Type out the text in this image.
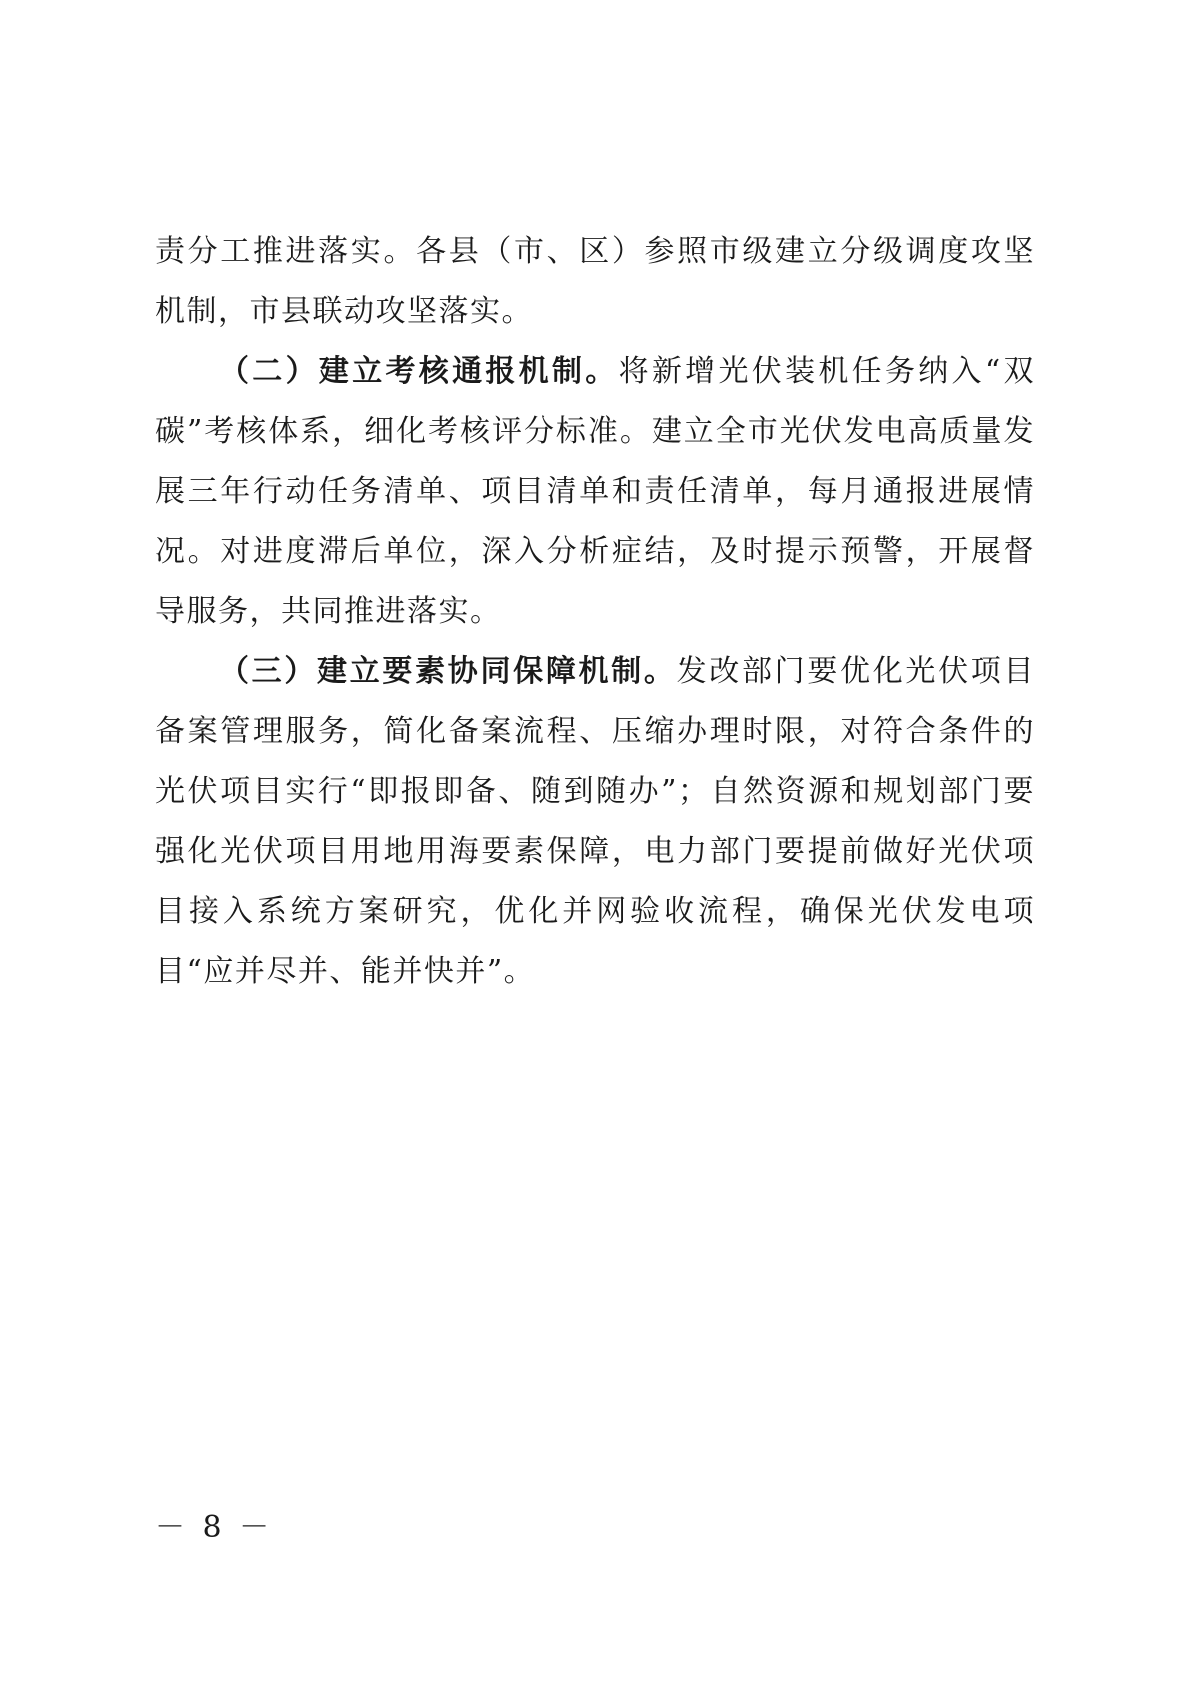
责分工推进落实。各县（市、区）参照市级建立分级调度攻坚机制，市县联动攻坚落实。

（二）建立考核通报机制。将新增光伏装机任务纳入“双碳”考核体系，细化考核评分标准。建立全市光伏发电高质量发展三年行动任务清单、项目清单和责任清单，每月通报进展情况。对进度滞后单位，深入分析症结，及时提示预警，开展督导服务，共同推进落实。

（三）建立要素协同保障机制。发改部门要优化光伏项目备案管理服务，简化备案流程、压缩办理时限，对符合条件的光伏项目实行“即报即备、随到随办”；自然资源和规划部门要强化光伏项目用地用海要素保障，电力部门要提前做好光伏项目接入系统方案研究，优化并网验收流程，确保光伏发电项目“应并尽并、能并快并”。

－ 8 －
